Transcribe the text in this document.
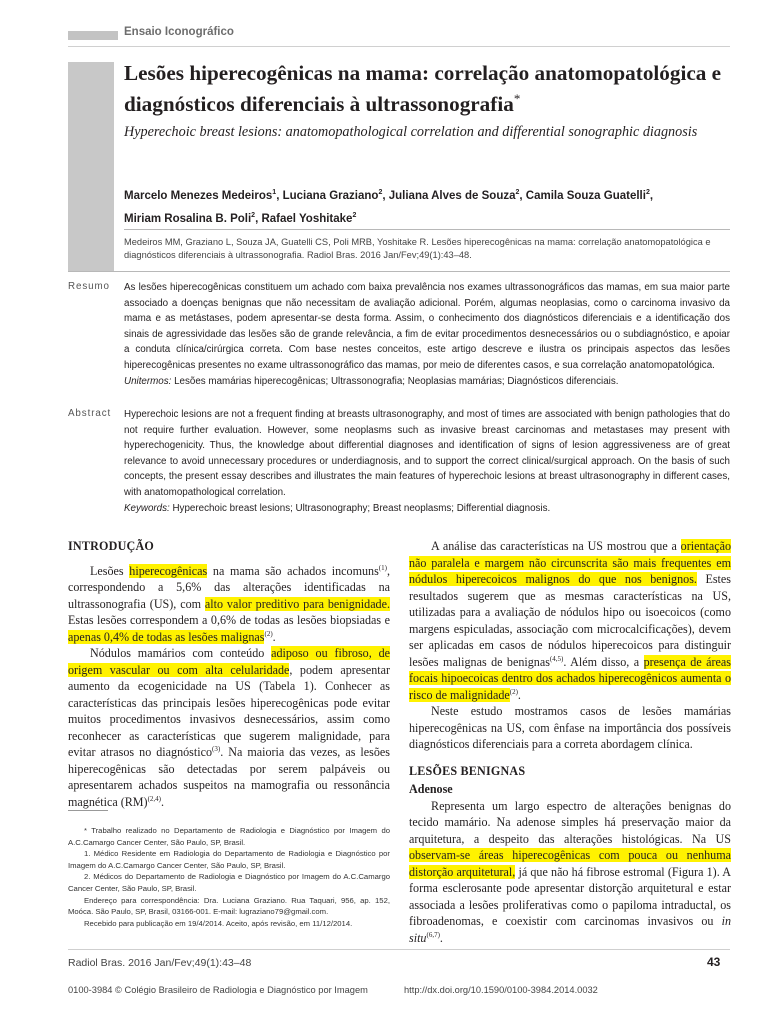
Ensaio Iconográfico
Lesões hiperecogênicas na mama: correlação anatomopatológica e diagnósticos diferenciais à ultrassonografia*
Hyperechoic breast lesions: anatomopathological correlation and differential sonographic diagnosis
Marcelo Menezes Medeiros$^1$, Luciana Graziano$^2$, Juliana Alves de Souza$^2$, Camila Souza Guatelli$^2$,
Miriam Rosalina B. Poli$^2$, Rafael Yoshitake$^2$
Medeiros MM, Graziano L, Souza JA, Guatelli CS, Poli MRB, Yoshitake R. Lesões hiperecogênicas na mama: correlação anatomopatológica e diagnósticos diferenciais à ultrassonografia. Radiol Bras. 2016 Jan/Fev;49(1):43–48.
Resumo As lesões hiperecogênicas constituem um achado com baixa prevalência nos exames ultrassonográficos das mamas, em sua maior parte associado a doenças benignas que não necessitam de avaliação adicional. Porém, algumas neoplasias, como o carcinoma invasivo da mama e as metástases, podem apresentar-se desta forma. Assim, o conhecimento dos diagnósticos diferenciais e a identificação dos sinais de agressividade das lesões são de grande relevância, a fim de evitar procedimentos desnecessários ou o subdiagnóstico, e apoiar a conduta clínica/cirúrgica correta. Com base nestes conceitos, este artigo descreve e ilustra os principais aspectos das lesões hiperecogênicas presentes no exame ultrassonográfico das mamas, por meio de diferentes casos, e sua correlação anatomopatológica.
Unitermos: Lesões mamárias hiperecogênicas; Ultrassonografia; Neoplasias mamárias; Diagnósticos diferenciais.
Abstract Hyperechoic lesions are not a frequent finding at breasts ultrasonography, and most of times are associated with benign pathologies that do not require further evaluation. However, some neoplasms such as invasive breast carcinomas and metastases may present with hyperechogenicity. Thus, the knowledge about differential diagnoses and identification of signs of lesion aggressiveness are of great relevance to avoid unnecessary procedures or underdiagnosis, and to support the correct clinical/surgical approach. On the basis of such concepts, the present essay describes and illustrates the main features of hyperechoic lesions at breast ultrasonography in different cases, with anatomopathological correlation.
Keywords: Hyperechoic breast lesions; Ultrasonography; Breast neoplasms; Differential diagnosis.
INTRODUÇÃO

Lesões hiperecogênicas na mama são achados incomuns$^{(1)}$, correspondendo a 5,6% das alterações identificadas na ultrassonografia (US), com alto valor preditivo para benignidade. Estas lesões correspondem a 0,6% de todas as lesões biopsiadas e apenas 0,4% de todas as lesões malignas$^{(2)}$.

Nódulos mamários com conteúdo adiposo ou fibroso, de origem vascular ou com alta celularidade, podem apresentar aumento da ecogenicidade na US (Tabela 1). Conhecer as características das principais lesões hiperecogênicas pode evitar muitos procedimentos invasivos desnecessários, assim como reconhecer as características que sugerem malignidade, para evitar atrasos no diagnóstico$^{(3)}$. Na maioria das vezes, as lesões hiperecogênicas são detectadas por serem palpáveis ou apresentarem achados suspeitos na mamografia ou ressonância magnética (RM)$^{(2,4)}$.

A análise das características na US mostrou que a orientação não paralela e margem não circunscrita são mais frequentes em nódulos hiperecoicos malignos do que nos benignos. Estes resultados sugerem que as mesmas características na US, utilizadas para a avaliação de nódulos hipo ou isoecoicos (como margens espiculadas, associação com microcalcificações), devem ser aplicadas em casos de nódulos hiperecoicos para distinguir lesões malignas de benignas$^{(4,5)}$. Além disso, a presença de áreas focais hipoecoicas dentro dos achados hiperecogênicos aumenta o risco de malignidade$^{(2)}$.

Neste estudo mostramos casos de lesões mamárias hiperecogênicas na US, com ênfase na importância dos possíveis diagnósticos diferenciais para a correta abordagem clínica.

LESÕES BENIGNAS
Adenose

Representa um largo espectro de alterações benignas do tecido mamário. Na adenose simples há preservação maior da arquitetura, a despeito das alterações histológicas. Na US observam-se áreas hiperecogênicas com pouca ou nenhuma distorção arquitetural, já que não há fibrose estromal (Figura 1). A forma esclerosante pode apresentar distorção arquitetural e estar associada a lesões proliferativas como o papiloma intraductal, os fibroadenomas, e coexistir com carcinomas invasivos ou in situ$^{(6,7)}$.

* Trabalho realizado no Departamento de Radiologia e Diagnóstico por Imagem do A.C.Camargo Cancer Center, São Paulo, SP, Brasil.

1. Médico Residente em Radiologia do Departamento de Radiologia e Diagnóstico por Imagem do A.C.Camargo Cancer Center, São Paulo, SP, Brasil.

2. Médicos do Departamento de Radiologia e Diagnóstico por Imagem do A.C.Camargo Cancer Center, São Paulo, SP, Brasil.

Endereço para correspondência: Dra. Luciana Graziano. Rua Taquari, 956, ap. 152, Moóca. São Paulo, SP, Brasil, 03166-001. E-mail: lugraziano79@gmail.com.

Recebido para publicação em 19/4/2014. Aceito, após revisão, em 11/12/2014.

Radiol Bras. 2016 Jan/Fev;49(1):43–48	43
0100-3984 © Colégio Brasileiro de Radiologia e Diagnóstico por Imagem	http://dx.doi.org/10.1590/0100-3984.2014.0032
